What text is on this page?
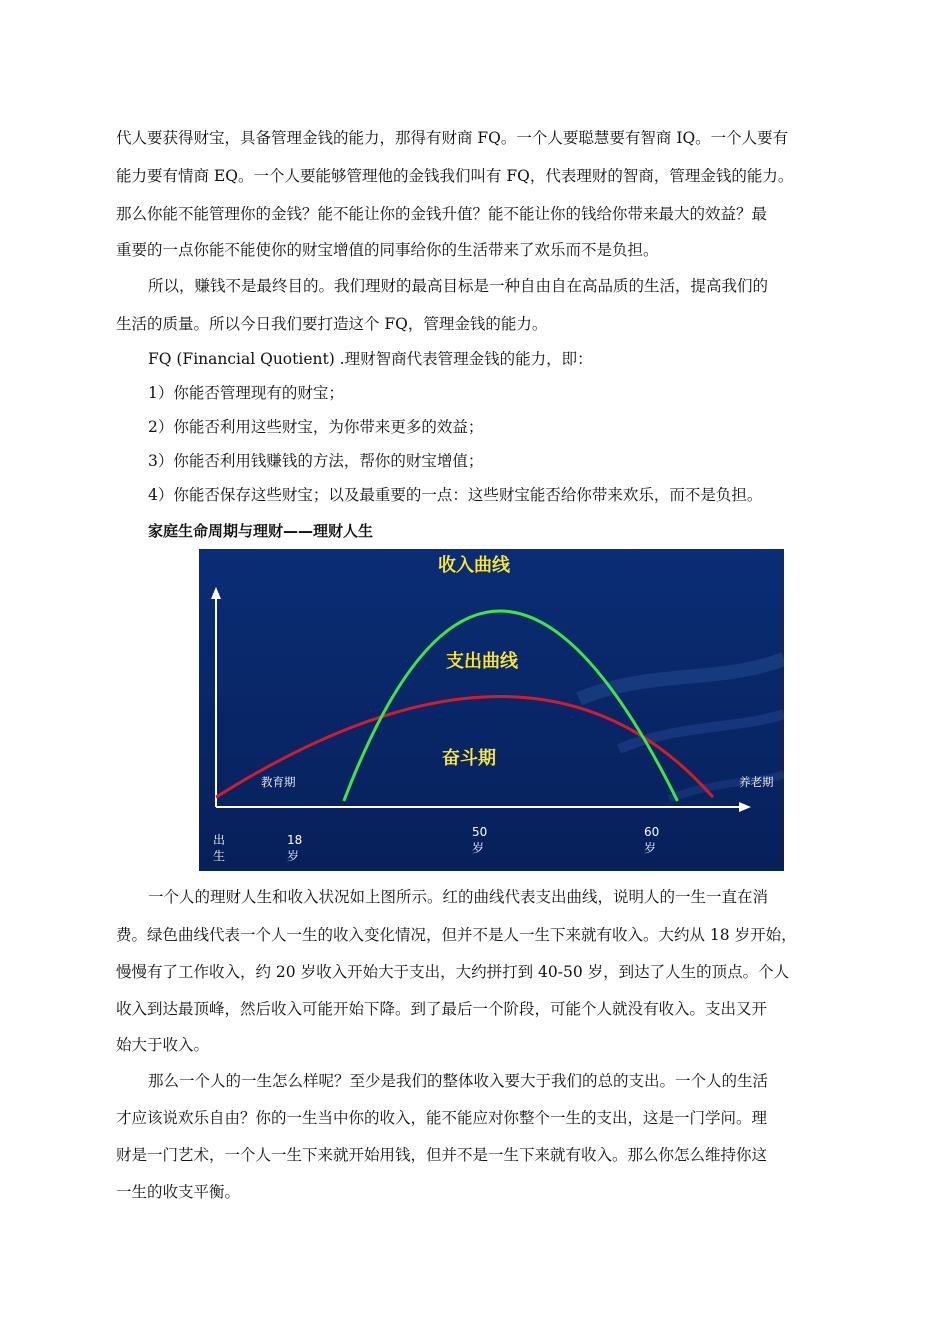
代人要获得财宝，具备管理金钱的能力，那得有财商 FQ。一个人要聪慧要有智商 IQ。一个人要有
能力要有情商 EQ。一个人要能够管理他的金钱我们叫有 FQ，代表理财的智商，管理金钱的能力。
那么你能不能管理你的金钱？能不能让你的金钱升值？能不能让你的钱给你带来最大的效益？最
重要的一点你能不能使你的财宝增值的同事给你的生活带来了欢乐而不是负担。
所以，赚钱不是最终目的。我们理财的最高目标是一种自由自在高品质的生活，提高我们的
生活的质量。所以今日我们要打造这个 FQ，管理金钱的能力。
FQ (Financial Quotient) .理财智商代表管理金钱的能力，即：
1）你能否管理现有的财宝；
2）你能否利用这些财宝，为你带来更多的效益；
3）你能否利用钱赚钱的方法，帮你的财宝增值；
4）你能否保存这些财宝；以及最重要的一点：这些财宝能否给你带来欢乐，而不是负担。
家庭生命周期与理财——理财人生
收入曲线
支出曲线
奋斗期
教育期	养老期
出
生
18
岁
50
岁
60
岁
一个人的理财人生和收入状况如上图所示。红的曲线代表支出曲线，说明人的一生一直在消
费。绿色曲线代表一个人一生的收入变化情况，但并不是人一生下来就有收入。大约从 18 岁开始，
慢慢有了工作收入，约 20 岁收入开始大于支出，大约拼打到 40-50 岁，到达了人生的顶点。个人
收入到达最顶峰，然后收入可能开始下降。到了最后一个阶段，可能个人就没有收入。支出又开
始大于收入。
那么一个人的一生怎么样呢？至少是我们的整体收入要大于我们的总的支出。一个人的生活
才应该说欢乐自由？你的一生当中你的收入，能不能应对你整个一生的支出，这是一门学问。理
财是一门艺术，一个人一生下来就开始用钱，但并不是一生下来就有收入。那么你怎么维持你这
一生的收支平衡。
